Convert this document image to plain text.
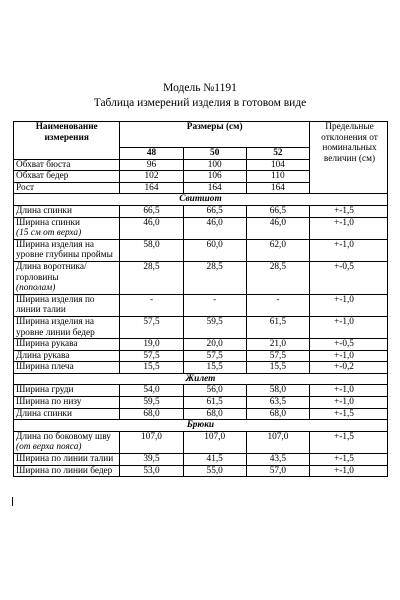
Модель №1191
Таблица измерений изделия в готовом виде
Наименование измерения	Размеры (см)			Предельные отклонения от номинальных величин (см)
	48	50	52	
Обхват бюста	96	100	104	
Обхват бедер	102	106	110	
Рост	164	164	164	
Свитшот				
Длина спинки	66,5	66,5	66,5	+-1,5
Ширина спинки
(15 см от верха)	46,0	46,0	46,0	+-1,0
Ширина изделия на уровне глубины проймы	58,0	60,0	62,0	+-1,0
Длина воротника/горловины
(пополам)	28,5	28,5	28,5	+-0,5
Ширина изделия по линии талии	-	-	-	+-1,0
Ширина изделия на уровне линии бедер	57,5	59,5	61,5	+-1,0
Ширина рукава	19,0	20,0	21,0	+-0,5
Длина рукава	57,5	57,5	57,5	+-1,0
Ширина плеча	15,5	15,5	15,5	+-0,2
Жилет				
Ширина груди	54,0	56,0	58,0	+-1,0
Ширина по низу	59,5	61,5	63,5	+-1,0
Длина спинки	68,0	68,0	68,0	+-1,5
Брюки				
Длина по боковому шву
(от верха пояса)	107,0	107,0	107,0	+-1,5
Ширина по линии талии	39,5	41,5	43,5	+-1,5
Ширина по линии бедер	53,0	55,0	57,0	+-1,0
